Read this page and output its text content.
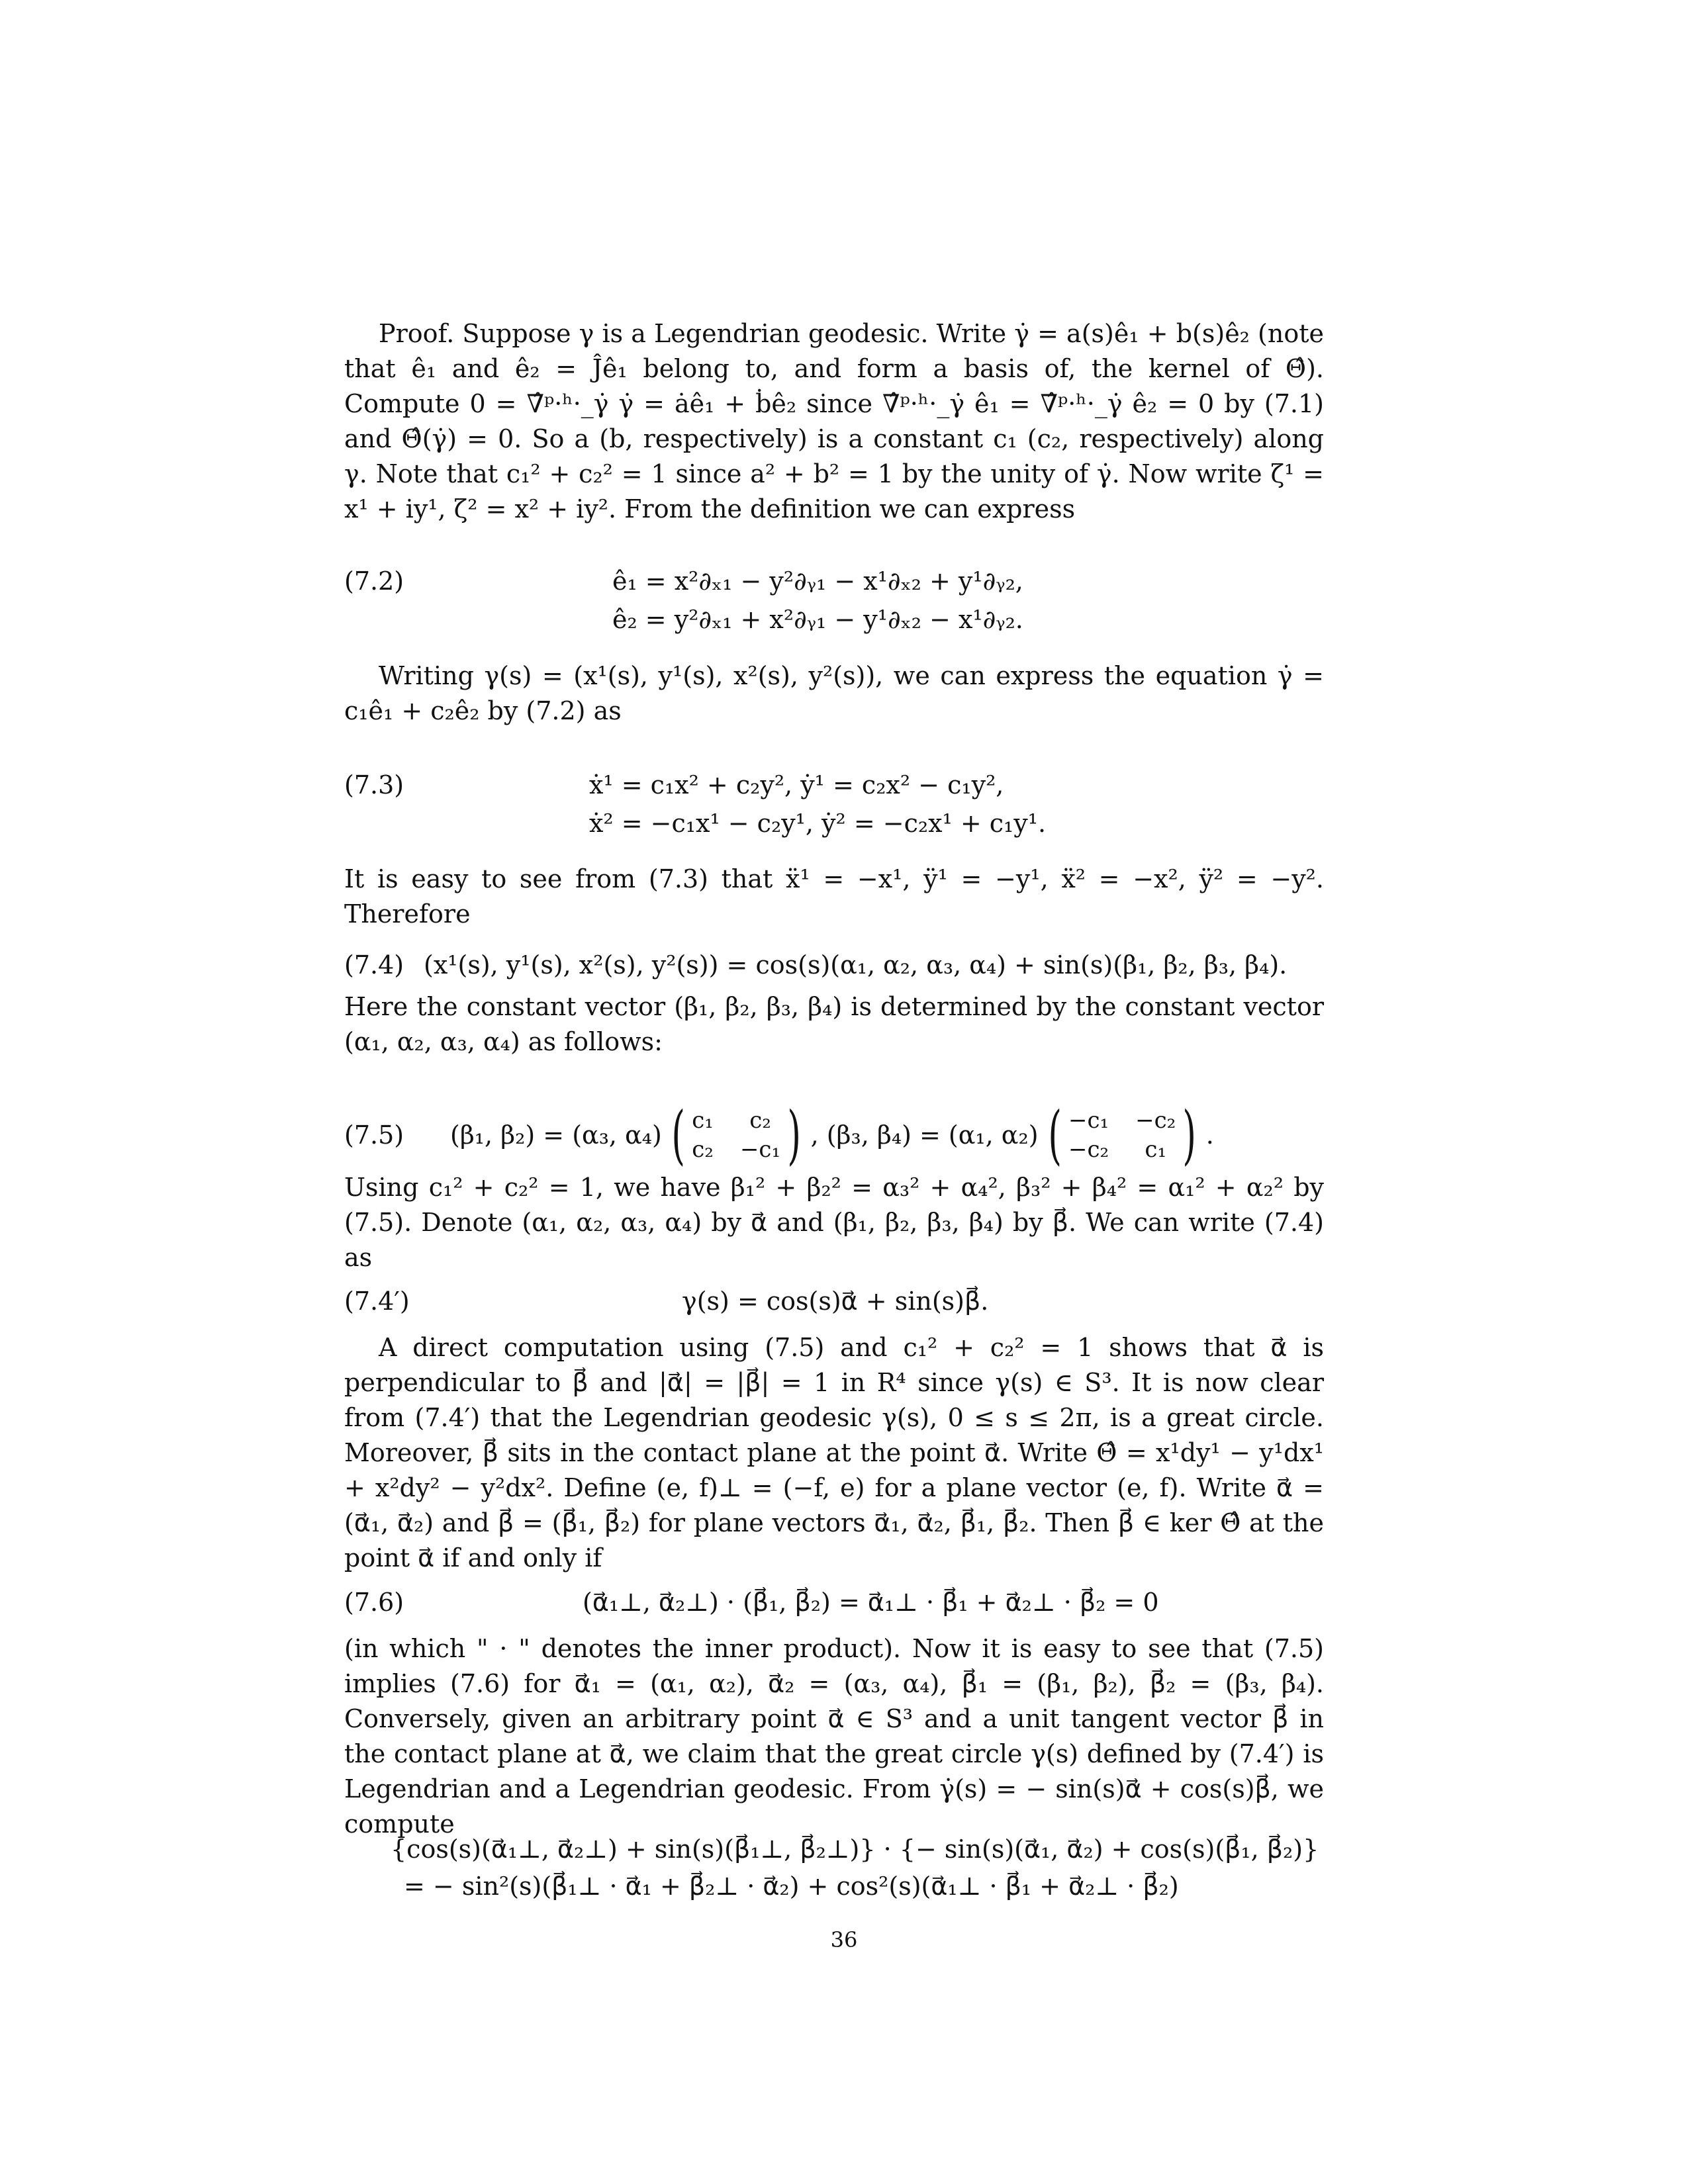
Proof. Suppose γ is a Legendrian geodesic. Write γ̇ = a(s)ê₁ + b(s)ê₂ (note that ê₁ and ê₂ = Ĵê₁ belong to, and form a basis of, the kernel of Θ̂). Compute 0 = ∇̂ᵖ·ʰ·_γ̇ γ̇ = ȧê₁ + ḃê₂ since ∇̂ᵖ·ʰ·_γ̇ ê₁ = ∇̂ᵖ·ʰ·_γ̇ ê₂ = 0 by (7.1) and Θ̂(γ̇) = 0. So a (b, respectively) is a constant c₁ (c₂, respectively) along γ. Note that c₁² + c₂² = 1 since a² + b² = 1 by the unity of γ̇. Now write ζ¹ = x¹ + iy¹, ζ² = x² + iy². From the definition we can express
(7.2)	ê₁ = x²∂ₓ₁ − y²∂ᵧ₁ − x¹∂ₓ₂ + y¹∂ᵧ₂,
ê₂ = y²∂ₓ₁ + x²∂ᵧ₁ − y¹∂ₓ₂ − x¹∂ᵧ₂.
Writing γ(s) = (x¹(s), y¹(s), x²(s), y²(s)), we can express the equation γ̇ = c₁ê₁ + c₂ê₂ by (7.2) as
(7.3)	ẋ¹ = c₁x² + c₂y², ẏ¹ = c₂x² − c₁y²,
ẋ² = −c₁x¹ − c₂y¹, ẏ² = −c₂x¹ + c₁y¹.
It is easy to see from (7.3) that ẍ¹ = −x¹, ÿ¹ = −y¹, ẍ² = −x², ÿ² = −y². Therefore
(7.4) (x¹(s), y¹(s), x²(s), y²(s)) = cos(s)(α₁, α₂, α₃, α₄) + sin(s)(β₁, β₂, β₃, β₄).
Here the constant vector (β₁, β₂, β₃, β₄) is determined by the constant vector (α₁, α₂, α₃, α₄) as follows:
(7.5)	(β₁, β₂) = (α₃, α₄) ( c₁	c₂
c₂ −c₁ ) , (β₃, β₄) = (α₁, α₂) ( −c₁ −c₂
−c₂	c₁ ) .
Using c₁² + c₂² = 1, we have β₁² + β₂² = α₃² + α₄², β₃² + β₄² = α₁² + α₂² by (7.5). Denote (α₁, α₂, α₃, α₄) by α⃗ and (β₁, β₂, β₃, β₄) by β⃗. We can write (7.4) as
(7.4′)	γ(s) = cos(s)α⃗ + sin(s)β⃗.
A direct computation using (7.5) and c₁² + c₂² = 1 shows that α⃗ is perpendicular to β⃗ and |α⃗| = |β⃗| = 1 in R⁴ since γ(s) ∈ S³. It is now clear from (7.4′) that the Legendrian geodesic γ(s), 0 ≤ s ≤ 2π, is a great circle. Moreover, β⃗ sits in the contact plane at the point α⃗. Write Θ̂ = x¹dy¹ − y¹dx¹ + x²dy² − y²dx². Define (e, f)⊥ = (−f, e) for a plane vector (e, f). Write α⃗ = (α⃗₁, α⃗₂) and β⃗ = (β⃗₁, β⃗₂) for plane vectors α⃗₁, α⃗₂, β⃗₁, β⃗₂. Then β⃗ ∈ ker Θ̂ at the point α⃗ if and only if
(7.6)	(α⃗₁⊥, α⃗₂⊥) · (β⃗₁, β⃗₂) = α⃗₁⊥ · β⃗₁ + α⃗₂⊥ · β⃗₂ = 0
(in which " · " denotes the inner product). Now it is easy to see that (7.5) implies (7.6) for α⃗₁ = (α₁, α₂), α⃗₂ = (α₃, α₄), β⃗₁ = (β₁, β₂), β⃗₂ = (β₃, β₄). Conversely, given an arbitrary point α⃗ ∈ S³ and a unit tangent vector β⃗ in the contact plane at α⃗, we claim that the great circle γ(s) defined by (7.4′) is Legendrian and a Legendrian geodesic. From γ̇(s) = − sin(s)α⃗ + cos(s)β⃗, we compute
{cos(s)(α⃗₁⊥, α⃗₂⊥) + sin(s)(β⃗₁⊥, β⃗₂⊥)} · {− sin(s)(α⃗₁, α⃗₂) + cos(s)(β⃗₁, β⃗₂)}
= − sin²(s)(β⃗₁⊥ · α⃗₁ + β⃗₂⊥ · α⃗₂) + cos²(s)(α⃗₁⊥ · β⃗₁ + α⃗₂⊥ · β⃗₂)
36
